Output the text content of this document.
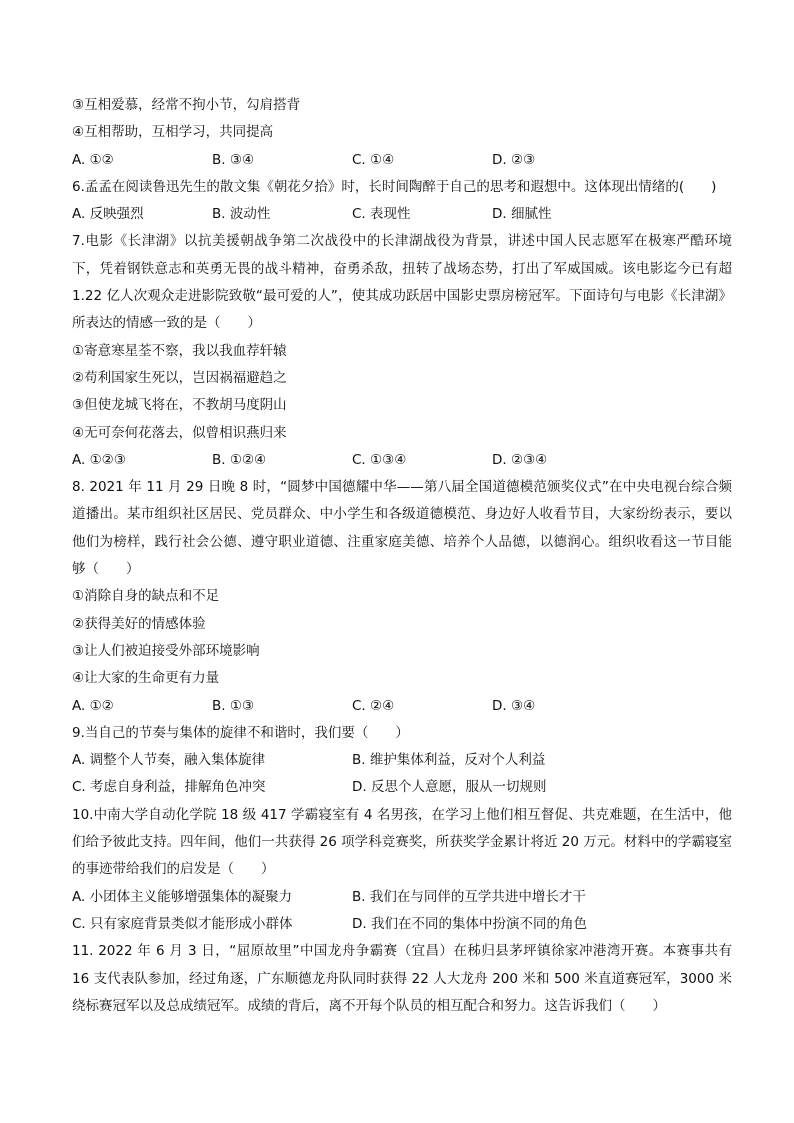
③互相爱慕，经常不拘小节，勾肩搭背
④互相帮助，互相学习，共同提高
A. ①②	B. ③④	C. ①④	D. ②③
6.孟孟在阅读鲁迅先生的散文集《朝花夕拾》时，长时间陶醉于自己的思考和遐想中。这体现出情绪的(　　)
A. 反映强烈	B. 波动性	C. 表现性	D. 细腻性
7.电影《长津湖》以抗美援朝战争第二次战役中的长津湖战役为背景，讲述中国人民志愿军在极寒严酷环境下，凭着钢铁意志和英勇无畏的战斗精神，奋勇杀敌，扭转了战场态势，打出了军威国威。该电影迄今已有超 1.22 亿人次观众走进影院致敬“最可爱的人”，使其成功跃居中国影史票房榜冠军。下面诗句与电影《长津湖》所表达的情感一致的是（　　）
①寄意寒星荃不察，我以我血荐轩辕
②苟利国家生死以，岂因祸福避趋之
③但使龙城飞将在，不教胡马度阴山
④无可奈何花落去，似曾相识燕归来
A. ①②③	B. ①②④	C. ①③④	D. ②③④
8. 2021 年 11 月 29 日晚 8 时，“圆梦中国德耀中华——第八届全国道德模范颁奖仪式”在中央电视台综合频道播出。某市组织社区居民、党员群众、中小学生和各级道德模范、身边好人收看节目，大家纷纷表示，要以他们为榜样，践行社会公德、遵守职业道德、注重家庭美德、培养个人品德，以德润心。组织收看这一节目能够（　　）
①消除自身的缺点和不足
②获得美好的情感体验
③让人们被迫接受外部环境影响
④让大家的生命更有力量
A. ①②	B. ①③	C. ②④	D. ③④
9.当自己的节奏与集体的旋律不和谐时，我们要（　　）
A. 调整个人节奏，融入集体旋律	B. 维护集体利益，反对个人利益
C. 考虑自身利益，排解角色冲突	D. 反思个人意愿，服从一切规则
10.中南大学自动化学院 18 级 417 学霸寝室有 4 名男孩，在学习上他们相互督促、共克难题，在生活中，他们给予彼此支持。四年间，他们一共获得 26 项学科竞赛奖，所获奖学金累计将近 20 万元。材料中的学霸寝室的事迹带给我们的启发是（　　）
A. 小团体主义能够增强集体的凝聚力	B. 我们在与同伴的互学共进中增长才干
C. 只有家庭背景类似才能形成小群体	D. 我们在不同的集体中扮演不同的角色
11. 2022 年 6 月 3 日，“屈原故里”中国龙舟争霸赛（宜昌）在秭归县茅坪镇徐家冲港湾开赛。本赛事共有 16 支代表队参加，经过角逐，广东顺德龙舟队同时获得 22 人大龙舟 200 米和 500 米直道赛冠军，3000 米绕标赛冠军以及总成绩冠军。成绩的背后，离不开每个队员的相互配合和努力。这告诉我们（　　）
